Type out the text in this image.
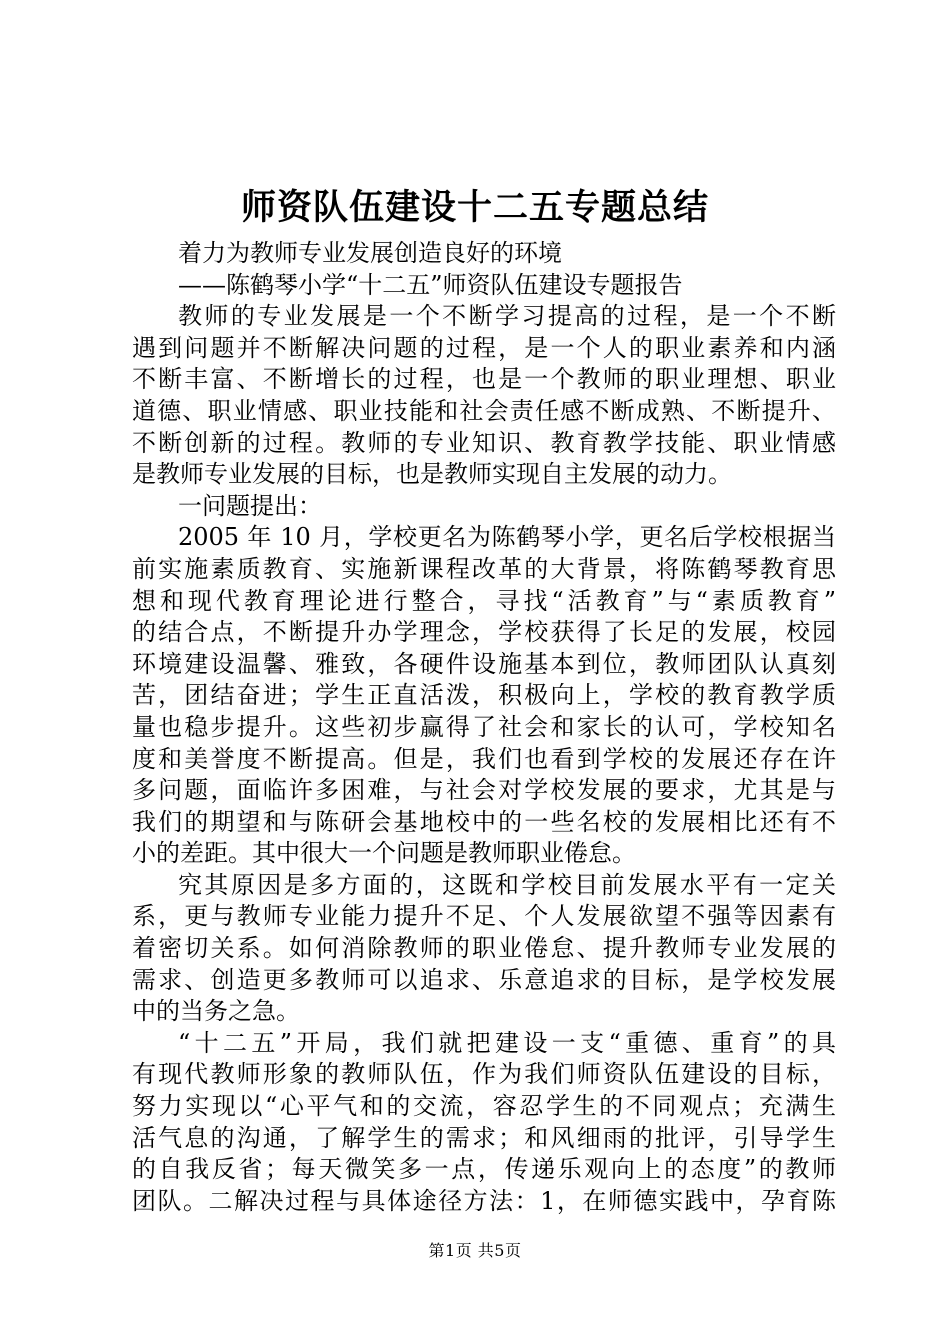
师资队伍建设十二五专题总结
着力为教师专业发展创造良好的环境
——陈鹤琴小学“十二五”师资队伍建设专题报告
教师的专业发展是一个不断学习提高的过程，是一个不断
遇到问题并不断解决问题的过程，是一个人的职业素养和内涵
不断丰富、不断增长的过程，也是一个教师的职业理想、职业
道德、职业情感、职业技能和社会责任感不断成熟、不断提升、
不断创新的过程。教师的专业知识、教育教学技能、职业情感
是教师专业发展的目标，也是教师实现自主发展的动力。
一问题提出：
2005 年 10 月，学校更名为陈鹤琴小学，更名后学校根据当
前实施素质教育、实施新课程改革的大背景，将陈鹤琴教育思
想和现代教育理论进行整合，寻找“活教育”与“素质教育”
的结合点，不断提升办学理念，学校获得了长足的发展，校园
环境建设温馨、雅致，各硬件设施基本到位，教师团队认真刻
苦，团结奋进；学生正直活泼，积极向上，学校的教育教学质
量也稳步提升。这些初步赢得了社会和家长的认可，学校知名
度和美誉度不断提高。但是，我们也看到学校的发展还存在许
多问题，面临许多困难，与社会对学校发展的要求，尤其是与
我们的期望和与陈研会基地校中的一些名校的发展相比还有不
小的差距。其中很大一个问题是教师职业倦怠。
究其原因是多方面的，这既和学校目前发展水平有一定关
系，更与教师专业能力提升不足、个人发展欲望不强等因素有
着密切关系。如何消除教师的职业倦怠、提升教师专业发展的
需求、创造更多教师可以追求、乐意追求的目标，是学校发展
中的当务之急。
“十二五”开局，我们就把建设一支“重德、重育”的具
有现代教师形象的教师队伍，作为我们师资队伍建设的目标，
努力实现以“心平气和的交流，容忍学生的不同观点；充满生
活气息的沟通，了解学生的需求；和风细雨的批评，引导学生
的自我反省；每天微笑多一点，传递乐观向上的态度”的教师
团队。二解决过程与具体途径方法：1，在师德实践中，孕育陈
第1页 共5页
